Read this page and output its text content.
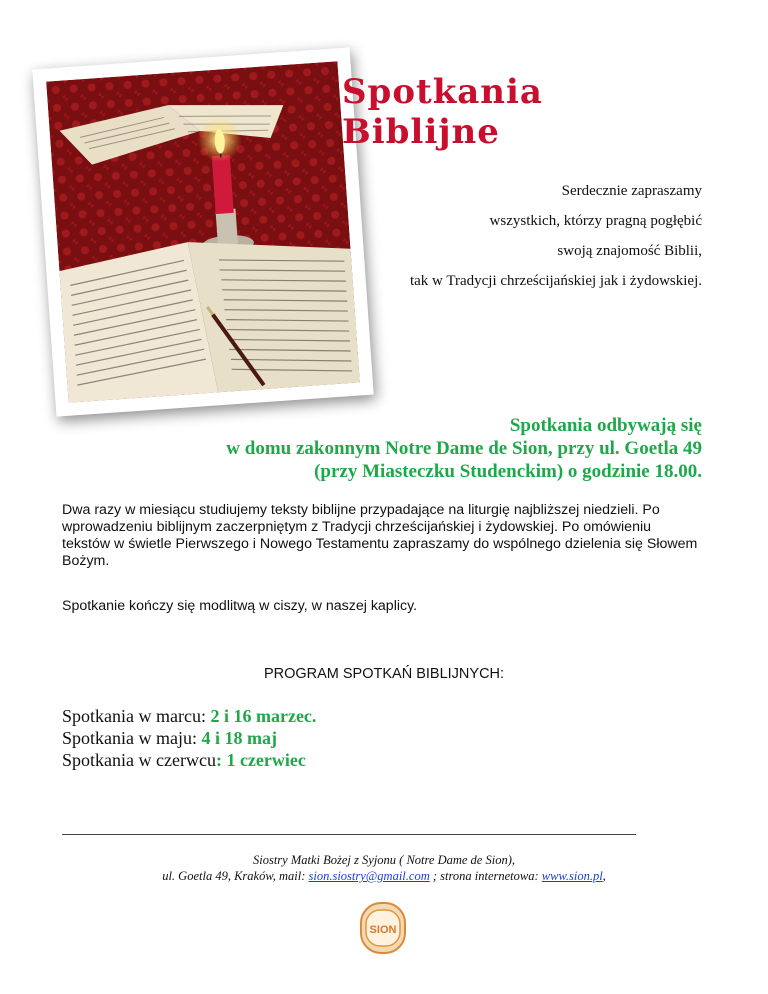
Spotkania Biblijne
Serdecznie zapraszamy
wszystkich, którzy pragną pogłębić
swoją znajomość Biblii,
tak w Tradycji chrześcijańskiej jak i żydowskiej.
Spotkania odbywają się
w domu zakonnym Notre Dame de Sion, przy ul. Goetla 49
(przy Miasteczku Studenckim) o godzinie 18.00.

Dwa razy w miesiącu studiujemy teksty biblijne przypadające na liturgię najbliższej niedzieli. Po wprowadzeniu biblijnym zaczerpniętym z Tradycji chrześcijańskiej i żydowskiej. Po omówieniu tekstów w świetle Pierwszego i Nowego Testamentu zapraszamy do wspólnego dzielenia się Słowem Bożym.

Spotkanie kończy się modlitwą w ciszy, w naszej kaplicy.

PROGRAM SPOTKAŃ BIBLIJNYCH:
Spotkania w marcu: 2 i 16 marzec.
Spotkania w maju: 4 i 18 maj
Spotkania w czerwcu: 1 czerwiec
Siostry Matki Bożej z Syjonu ( Notre Dame de Sion),
ul. Goetla 49, Kraków, mail: sion.siostry@gmail.com ; strona internetowa: www.sion.pl,
SION
